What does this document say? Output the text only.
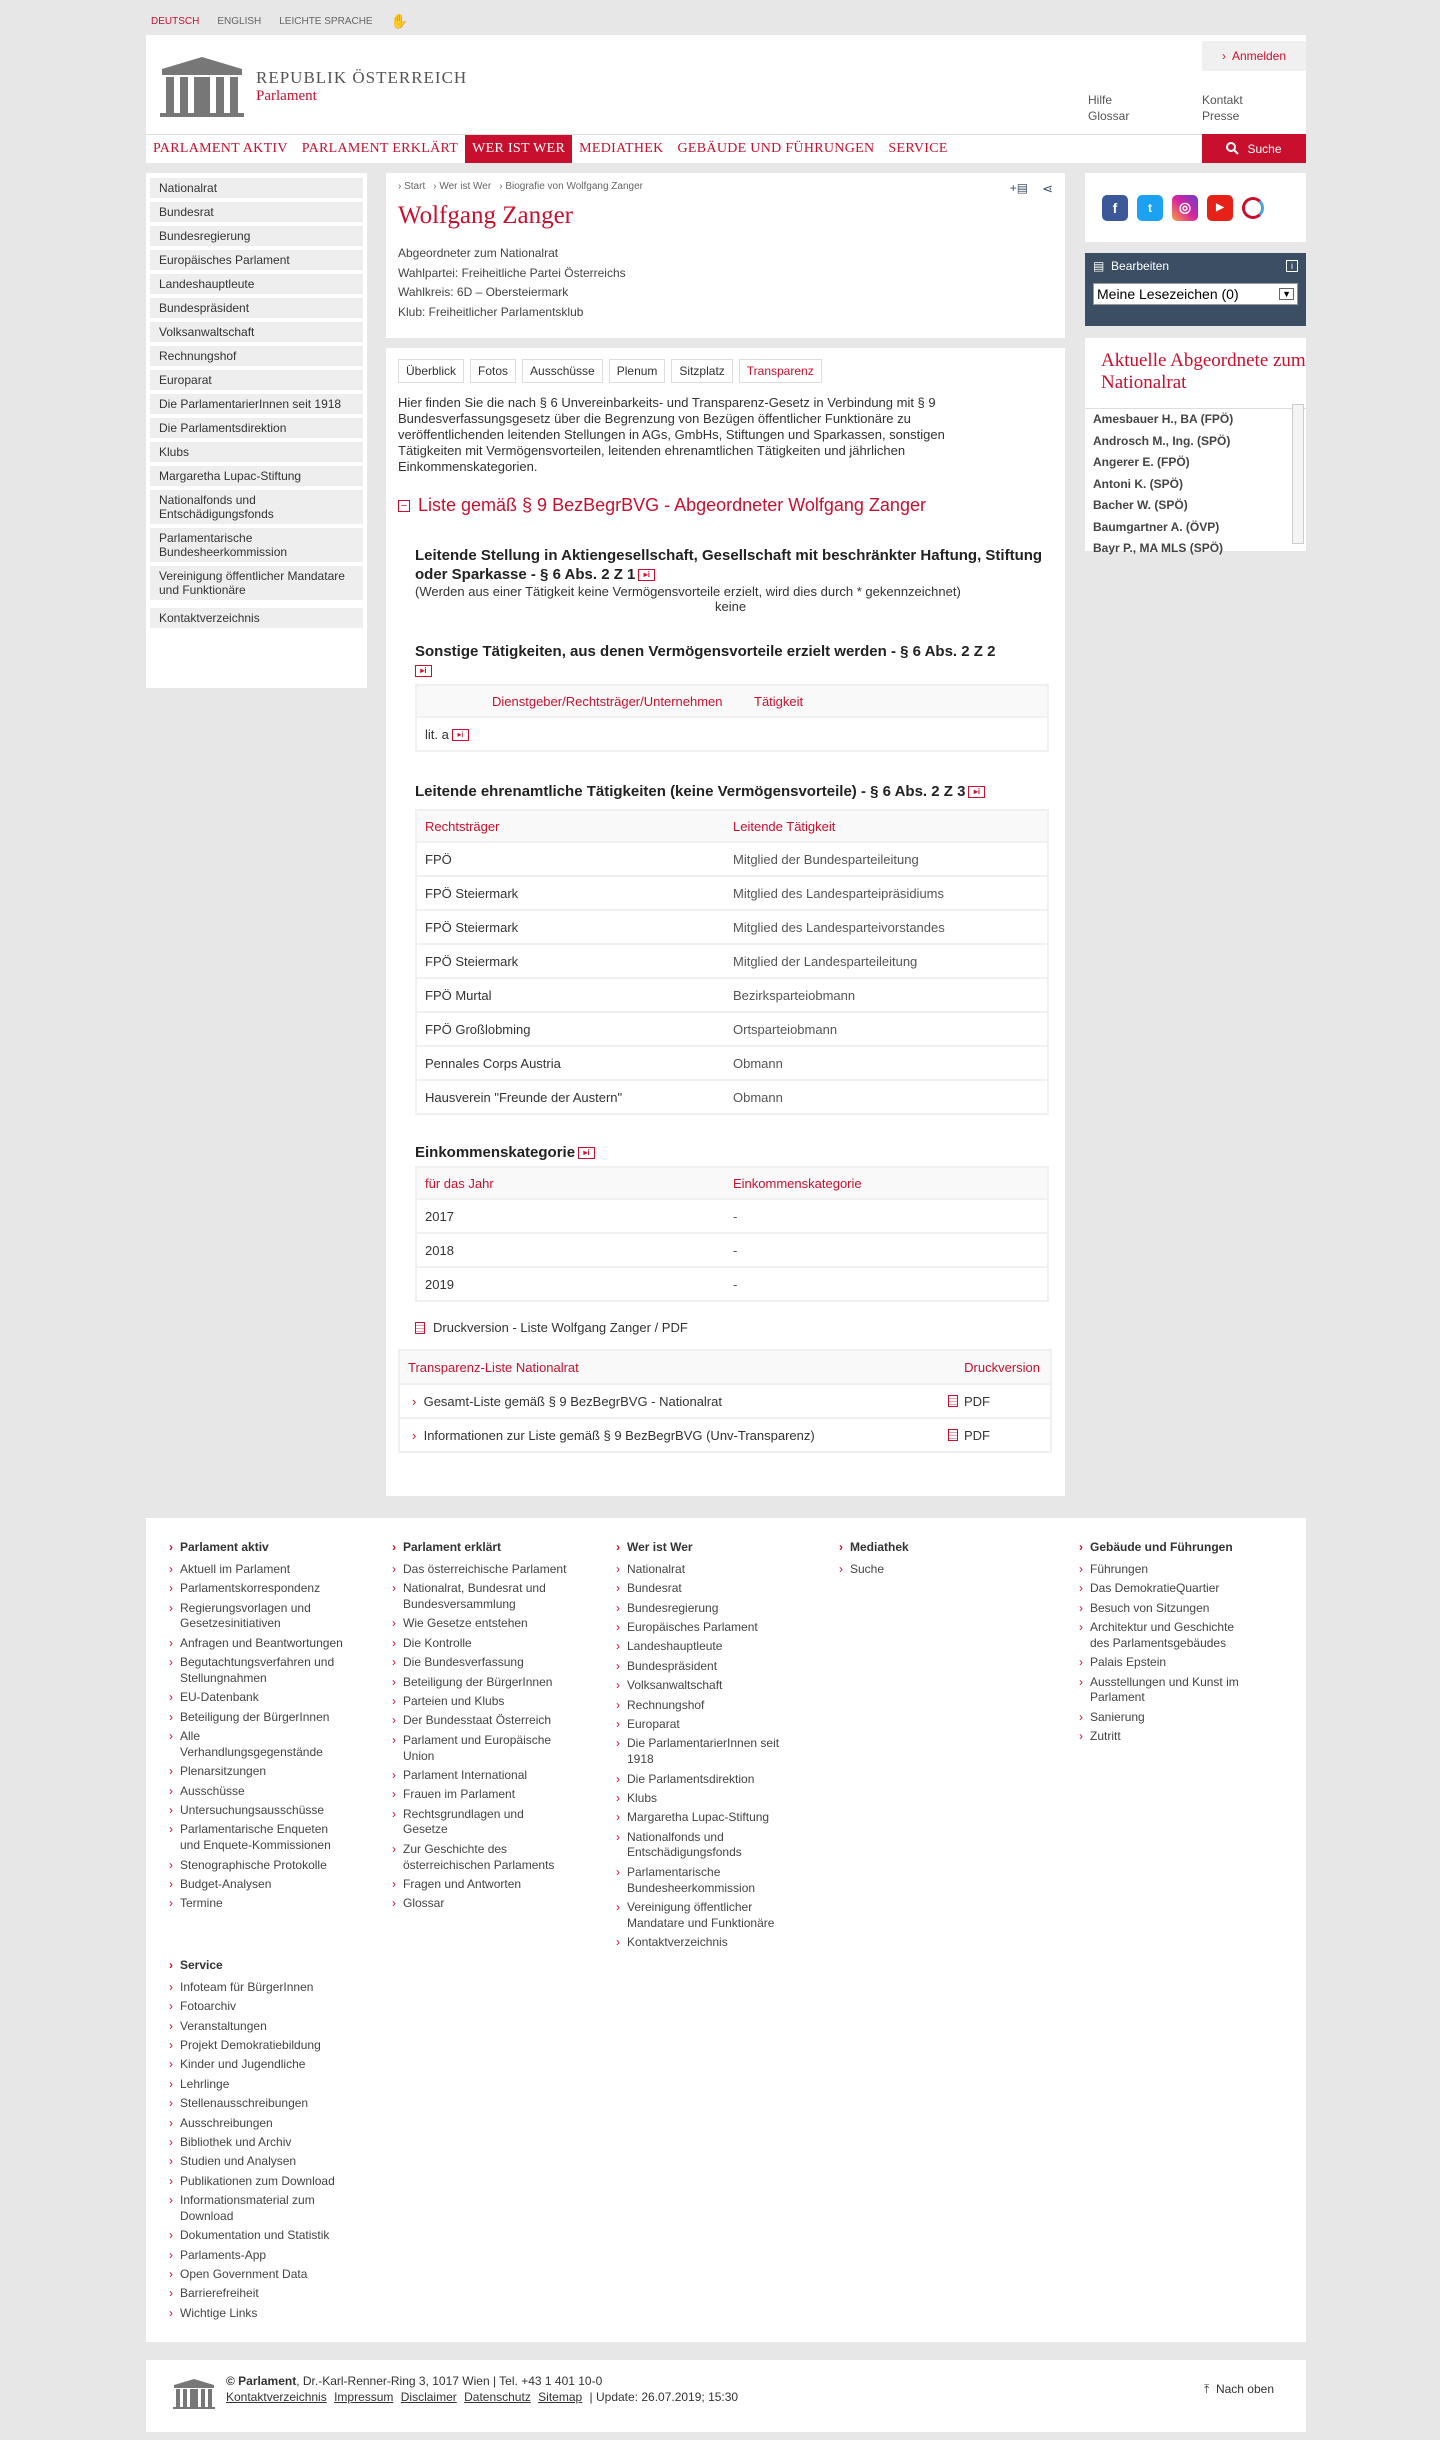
DEUTSCH ENGLISH LEICHTE SPRACHE ✋
REPUBLIK ÖSTERREICH
Parlament
› Anmelden
Hilfe
Glossar
Kontakt
Presse
PARLAMENT AKTIV	PARLAMENT ERKLÄRT	WER IST WER	MEDIATHEK	GEBÄUDE UND FÜHRUNGEN	SERVICE	Suche
Nationalrat
Bundesrat
Bundesregierung
Europäisches Parlament
Landeshauptleute
Bundespräsident
Volksanwaltschaft
Rechnungshof
Europarat
Die ParlamentarierInnen seit 1918
Die Parlamentsdirektion
Klubs
Margaretha Lupac-Stiftung
Nationalfonds und Entschädigungsfonds
Parlamentarische Bundesheerkommission
Vereinigung öffentlicher Mandatare und Funktionäre
Kontaktverzeichnis
› Start › Wer ist Wer › Biografie von Wolfgang Zanger	+▤ ⋖
Wolfgang Zanger
Abgeordneter zum Nationalrat
Wahlpartei: Freiheitliche Partei Österreichs
Wahlkreis: 6D – Obersteiermark
Klub: Freiheitlicher Parlamentsklub
Überblick	Fotos	Ausschüsse	Plenum	Sitzplatz	Transparenz

Hier finden Sie die nach § 6 Unvereinbarkeits- und Transparenz-Gesetz in Verbindung mit § 9 Bundesverfassungsgesetz über die Begrenzung von Bezügen öffentlicher Funktionäre zu veröffentlichenden leitenden Stellungen in AGs, GmbHs, Stiftungen und Sparkassen, sonstigen Tätigkeiten mit Vermögensvorteilen, leitenden ehrenamtlichen Tätigkeiten und jährlichen Einkommenskategorien.

− Liste gemäß § 9 BezBegrBVG - Abgeordneter Wolfgang Zanger
Leitende Stellung in Aktiengesellschaft, Gesellschaft mit beschränkter Haftung, Stiftung oder Sparkasse - § 6 Abs. 2 Z 1 ▸i
(Werden aus einer Tätigkeit keine Vermögensvorteile erzielt, wird dies durch * gekennzeichnet)
keine
Sonstige Tätigkeiten, aus denen Vermögensvorteile erzielt werden - § 6 Abs. 2 Z 2
▸i
Dienstgeber/Rechtsträger/Unternehmen	Tätigkeit
lit. a ▸i
Leitende ehrenamtliche Tätigkeiten (keine Vermögensvorteile) - § 6 Abs. 2 Z 3 ▸i
Rechtsträger	Leitende Tätigkeit
FPÖ	Mitglied der Bundesparteileitung
FPÖ Steiermark	Mitglied des Landesparteipräsidiums
FPÖ Steiermark	Mitglied des Landesparteivorstandes
FPÖ Steiermark	Mitglied der Landesparteileitung
FPÖ Murtal	Bezirksparteiobmann
FPÖ Großlobming	Ortsparteiobmann
Pennales Corps Austria	Obmann
Hausverein "Freunde der Austern"	Obmann
Einkommenskategorie ▸i
für das Jahr	Einkommenskategorie
2017	-
2018	-
2019	-
Druckversion - Liste Wolfgang Zanger / PDF
Transparenz-Liste Nationalrat	Druckversion
› Gesamt-Liste gemäß § 9 BezBegrBVG - Nationalrat	PDF
› Informationen zur Liste gemäß § 9 BezBegrBVG (Unv-Transparenz)	PDF
f	t	◎	▶
▤ Bearbeiten	i
Meine Lesezeichen (0)	▼
Aktuelle Abgeordnete zum Nationalrat
Amesbauer H., BA (FPÖ)
Androsch M., Ing. (SPÖ)
Angerer E. (FPÖ)
Antoni K. (SPÖ)
Bacher W. (SPÖ)
Baumgartner A. (ÖVP)
Bayr P., MA MLS (SPÖ)
› Parlament aktiv
› Aktuell im Parlament
› Parlamentskorrespondenz
› Regierungsvorlagen und Gesetzesinitiativen
› Anfragen und Beantwortungen
› Begutachtungsverfahren und Stellungnahmen
› EU-Datenbank
› Beteiligung der BürgerInnen
› Alle Verhandlungsgegenstände
› Plenarsitzungen
› Ausschüsse
› Untersuchungsausschüsse
› Parlamentarische Enqueten und Enquete-Kommissionen
› Stenographische Protokolle
› Budget-Analysen
› Termine
› Parlament erklärt
› Das österreichische Parlament
› Nationalrat, Bundesrat und Bundesversammlung
› Wie Gesetze entstehen
› Die Kontrolle
› Die Bundesverfassung
› Beteiligung der BürgerInnen
› Parteien und Klubs
› Der Bundesstaat Österreich
› Parlament und Europäische Union
› Parlament International
› Frauen im Parlament
› Rechtsgrundlagen und Gesetze
› Zur Geschichte des österreichischen Parlaments
› Fragen und Antworten
› Glossar
› Wer ist Wer
› Nationalrat
› Bundesrat
› Bundesregierung
› Europäisches Parlament
› Landeshauptleute
› Bundespräsident
› Volksanwaltschaft
› Rechnungshof
› Europarat
› Die ParlamentarierInnen seit 1918
› Die Parlamentsdirektion
› Klubs
› Margaretha Lupac-Stiftung
› Nationalfonds und Entschädigungsfonds
› Parlamentarische Bundesheerkommission
› Vereinigung öffentlicher Mandatare und Funktionäre
› Kontaktverzeichnis
› Mediathek
› Suche
› Gebäude und Führungen
› Führungen
› Das DemokratieQuartier
› Besuch von Sitzungen
› Architektur und Geschichte des Parlamentsgebäudes
› Palais Epstein
› Ausstellungen und Kunst im Parlament
› Sanierung
› Zutritt
› Service
› Infoteam für BürgerInnen
› Fotoarchiv
› Veranstaltungen
› Projekt Demokratiebildung
› Kinder und Jugendliche
› Lehrlinge
› Stellenausschreibungen
› Ausschreibungen
› Bibliothek und Archiv
› Studien und Analysen
› Publikationen zum Download
› Informationsmaterial zum Download
› Dokumentation und Statistik
› Parlaments-App
› Open Government Data
› Barrierefreiheit
› Wichtige Links
© Parlament, Dr.-Karl-Renner-Ring 3, 1017 Wien | Tel. +43 1 401 10-0
Kontaktverzeichnis Impressum Disclaimer Datenschutz Sitemap | Update: 26.07.2019; 15:30
⤒ Nach oben
